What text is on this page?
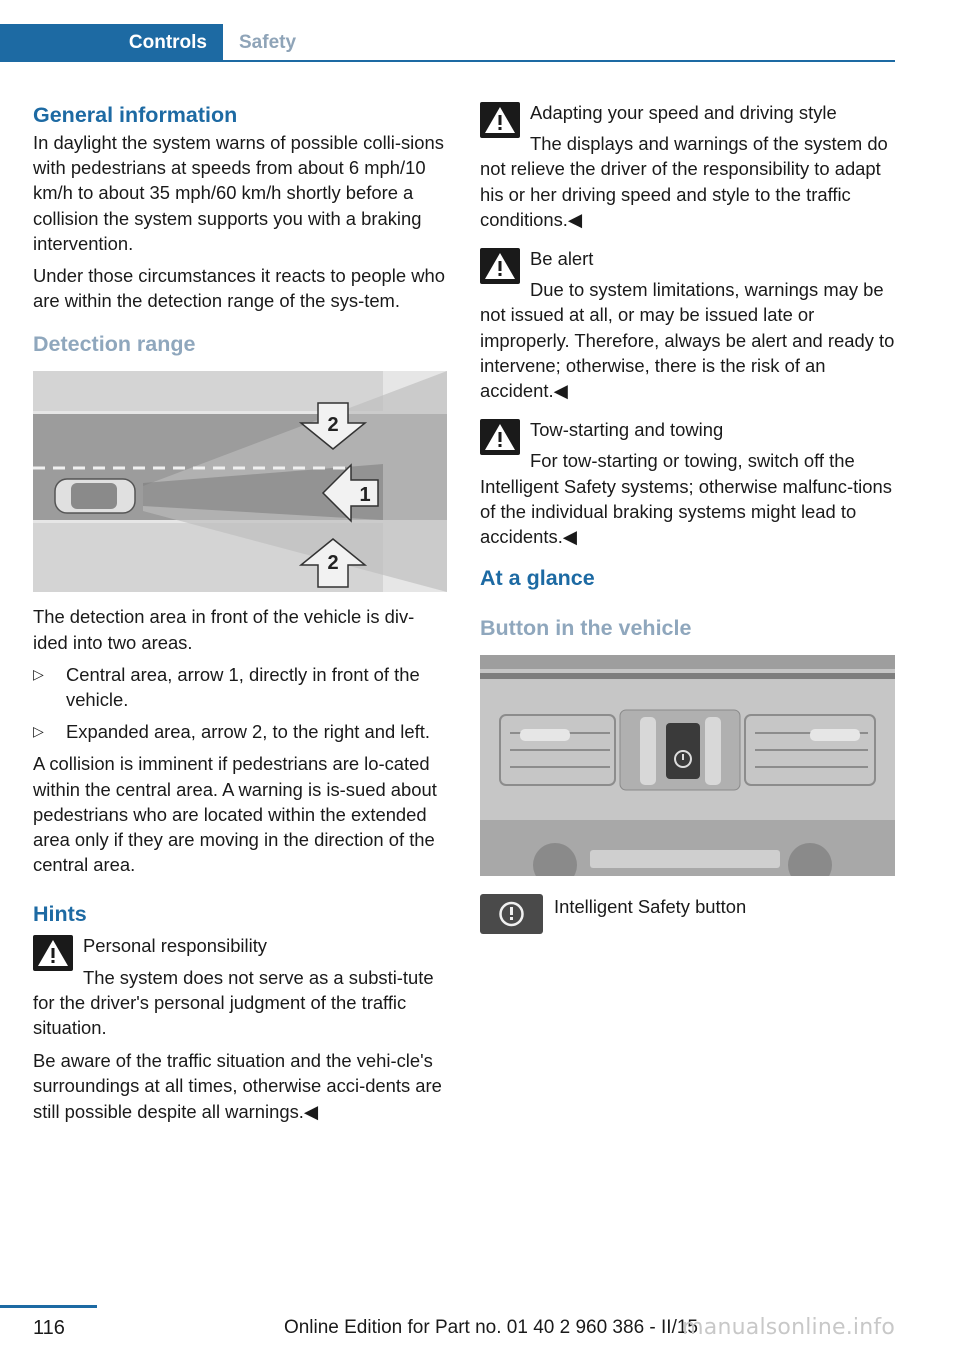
Controls	Safety
General information

In daylight the system warns of possible colli‐sions with pedestrians at speeds from about 6 mph/10 km/h to about 35 mph/60 km/h shortly before a collision the system supports you with a braking intervention.

Under those circumstances it reacts to people who are within the detection range of the sys‐tem.

Detection range
2
1
2

The detection area in front of the vehicle is div‐ided into two areas.

▷ Central area, arrow 1, directly in front of the vehicle.
▷ Expanded area, arrow 2, to the right and left.

A collision is imminent if pedestrians are lo‐cated within the central area. A warning is is‐sued about pedestrians who are located within the extended area only if they are moving in the direction of the central area.

Hints
Personal responsibility
The system does not serve as a substi‐tute for the driver's personal judgment of the traffic situation.

Be aware of the traffic situation and the vehi‐cle's surroundings at all times, otherwise acci‐dents are still possible despite all warnings.◀

Adapting your speed and driving style
The displays and warnings of the system do not relieve the driver of the responsibility to adapt his or her driving speed and style to the traffic conditions.◀
Be alert
Due to system limitations, warnings may be not issued at all, or may be issued late or improperly. Therefore, always be alert and ready to intervene; otherwise, there is the risk of an accident.◀
Tow-starting and towing
For tow-starting or towing, switch off the Intelligent Safety systems; otherwise malfunc‐tions of the individual braking systems might lead to accidents.◀
At a glance
Button in the vehicle
Intelligent Safety button
116	Online Edition for Part no. 01 40 2 960 386 - II/15
manualsonline.info
